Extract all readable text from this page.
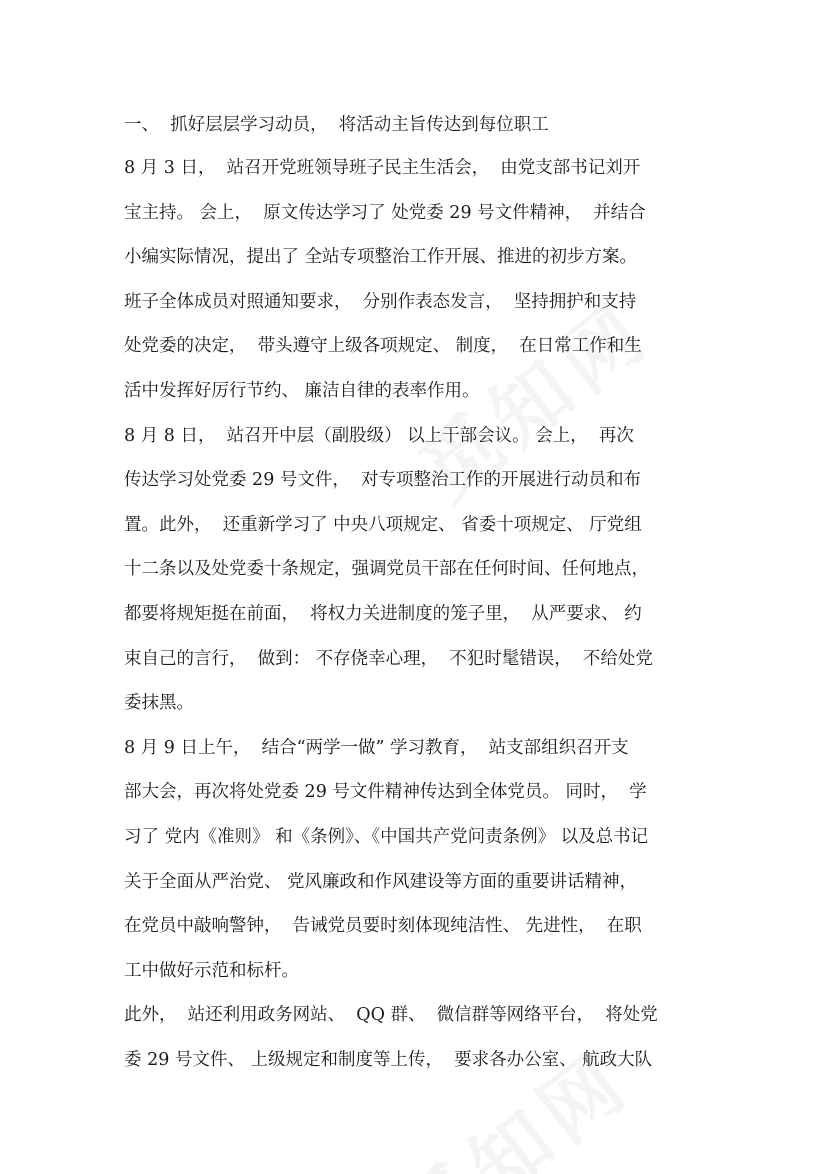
一、  抓好层层学习动员，  将活动主旨传达到每位职工
8 月 3 日，  站召开党班领导班子民主生活会，  由党支部书记刘开
宝主持。 会上，  原文传达学习了 处党委 29 号文件精神，  并结合
小编实际情况，提出了 全站专项整治工作开展、推进的初步方案。
班子全体成员对照通知要求，  分别作表态发言，  坚持拥护和支持
处党委的决定，  带头遵守上级各项规定、 制度，  在日常工作和生
活中发挥好厉行节约、 廉洁自律的表率作用。
8 月 8 日，  站召开中层（副股级） 以上干部会议。 会上，  再次
传达学习处党委 29 号文件，  对专项整治工作的开展进行动员和布
置。此外，  还重新学习了 中央八项规定、 省委十项规定、 厅党组
十二条以及处党委十条规定，强调党员干部在任何时间、任何地点，
都要将规矩挺在前面，  将权力关进制度的笼子里，  从严要求、 约
束自己的言行，  做到： 不存侥幸心理，  不犯时髦错误，  不给处党
委抹黑。
8 月 9 日上午，  结合“两学一做” 学习教育，  站支部组织召开支
部大会，再次将处党委 29 号文件精神传达到全体党员。 同时，  学
习了 党内《准则》 和《条例》、《中国共产党问责条例》 以及总书记
关于全面从严治党、 党风廉政和作风建设等方面的重要讲话精神，
在党员中敲响警钟，  告诫党员要时刻体现纯洁性、 先进性，  在职
工中做好示范和标杆。
此外，  站还利用政务网站、  QQ 群、  微信群等网络平台，  将处党
委 29 号文件、 上级规定和制度等上传，  要求各办公室、 航政大队
